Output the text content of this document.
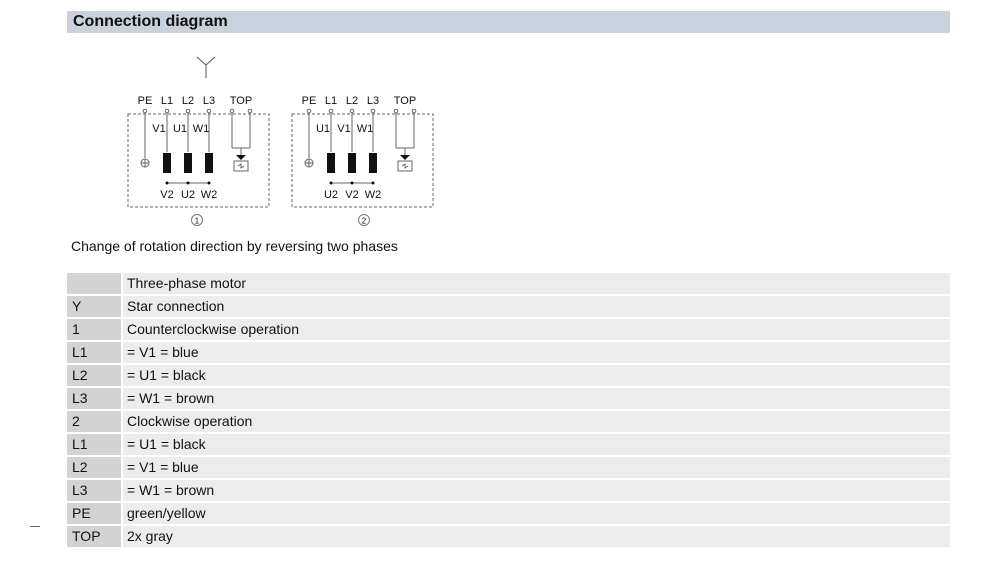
Connection diagram
PE L1 L2 L3 TOP
V1 U1 W1
V2 U2 W2
1
PE L1 L2 L3 TOP
U1 V1 W1
U2 V2 W2
2
Change of rotation direction by reversing two phases
Three-phase motor
Y	Star connection
1	Counterclockwise operation
L1	= V1 = blue
L2	= U1 = black
L3	= W1 = brown
2	Clockwise operation
L1	= U1 = black
L2	= V1 = blue
L3	= W1 = brown
PE	green/yellow
TOP	2x gray
